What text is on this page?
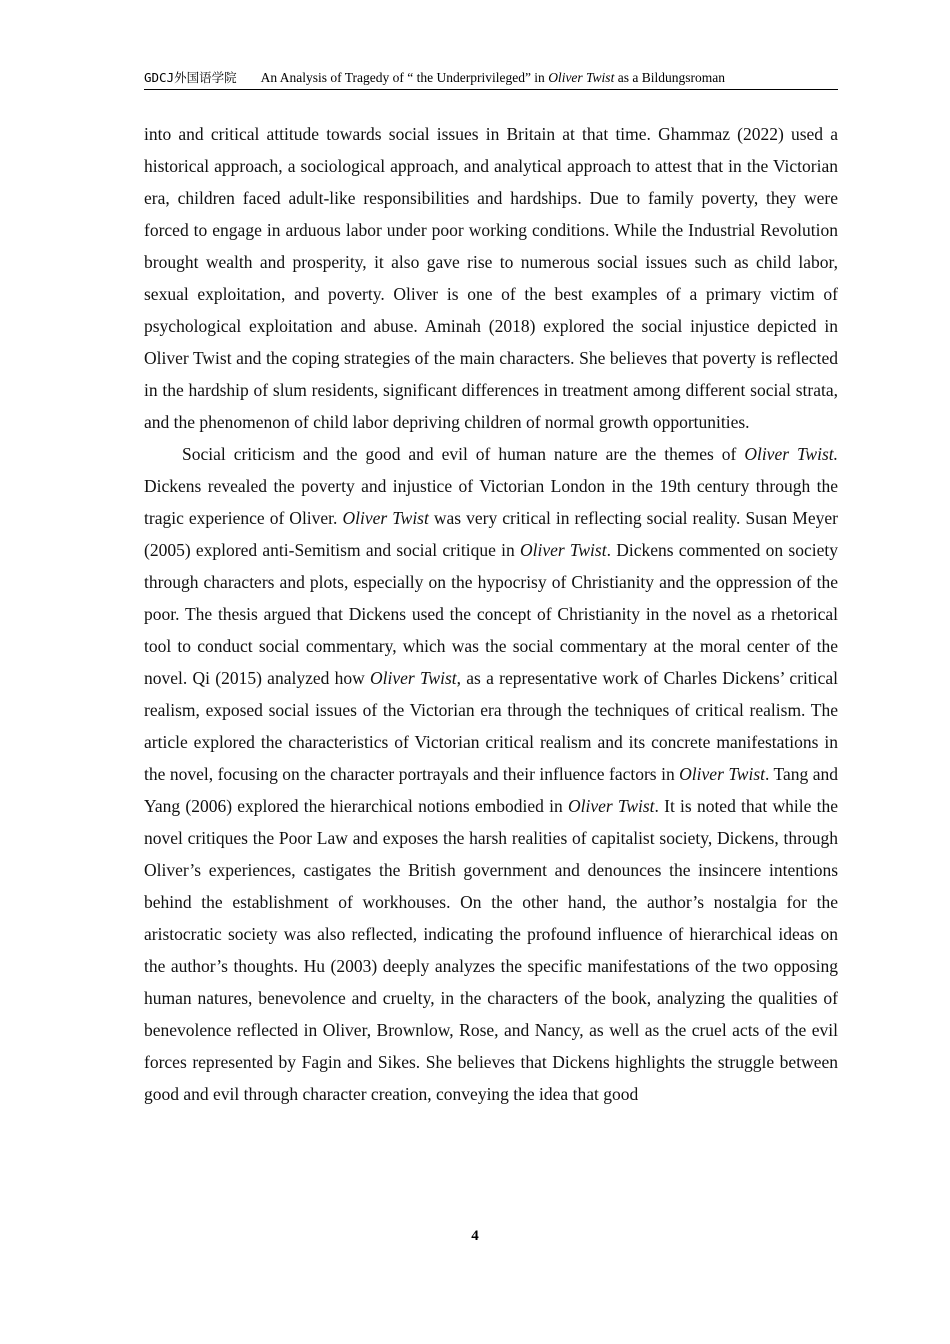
GDCJ外国语学院 An Analysis of Tragedy of “ the Underprivileged” in Oliver Twist as a Bildungsroman

into and critical attitude towards social issues in Britain at that time. Ghammaz (2022) used a historical approach, a sociological approach, and analytical approach to attest that in the Victorian era, children faced adult-like responsibilities and hardships. Due to family poverty, they were forced to engage in arduous labor under poor working conditions. While the Industrial Revolution brought wealth and prosperity, it also gave rise to numerous social issues such as child labor, sexual exploitation, and poverty. Oliver is one of the best examples of a primary victim of psychological exploitation and abuse. Aminah (2018) explored the social injustice depicted in Oliver Twist and the coping strategies of the main characters. She believes that poverty is reflected in the hardship of slum residents, significant differences in treatment among different social strata, and the phenomenon of child labor depriving children of normal growth opportunities.

Social criticism and the good and evil of human nature are the themes of Oliver Twist. Dickens revealed the poverty and injustice of Victorian London in the 19th century through the tragic experience of Oliver. Oliver Twist was very critical in reflecting social reality. Susan Meyer (2005) explored anti-Semitism and social critique in Oliver Twist. Dickens commented on society through characters and plots, especially on the hypocrisy of Christianity and the oppression of the poor. The thesis argued that Dickens used the concept of Christianity in the novel as a rhetorical tool to conduct social commentary, which was the social commentary at the moral center of the novel. Qi (2015) analyzed how Oliver Twist, as a representative work of Charles Dickens’ critical realism, exposed social issues of the Victorian era through the techniques of critical realism. The article explored the characteristics of Victorian critical realism and its concrete manifestations in the novel, focusing on the character portrayals and their influence factors in Oliver Twist. Tang and Yang (2006) explored the hierarchical notions embodied in Oliver Twist. It is noted that while the novel critiques the Poor Law and exposes the harsh realities of capitalist society, Dickens, through Oliver’s experiences, castigates the British government and denounces the insincere intentions behind the establishment of workhouses. On the other hand, the author’s nostalgia for the aristocratic society was also reflected, indicating the profound influence of hierarchical ideas on the author’s thoughts. Hu (2003) deeply analyzes the specific manifestations of the two opposing human natures, benevolence and cruelty, in the characters of the book, analyzing the qualities of benevolence reflected in Oliver, Brownlow, Rose, and Nancy, as well as the cruel acts of the evil forces represented by Fagin and Sikes. She believes that Dickens highlights the struggle between good and evil through character creation, conveying the idea that good

4
